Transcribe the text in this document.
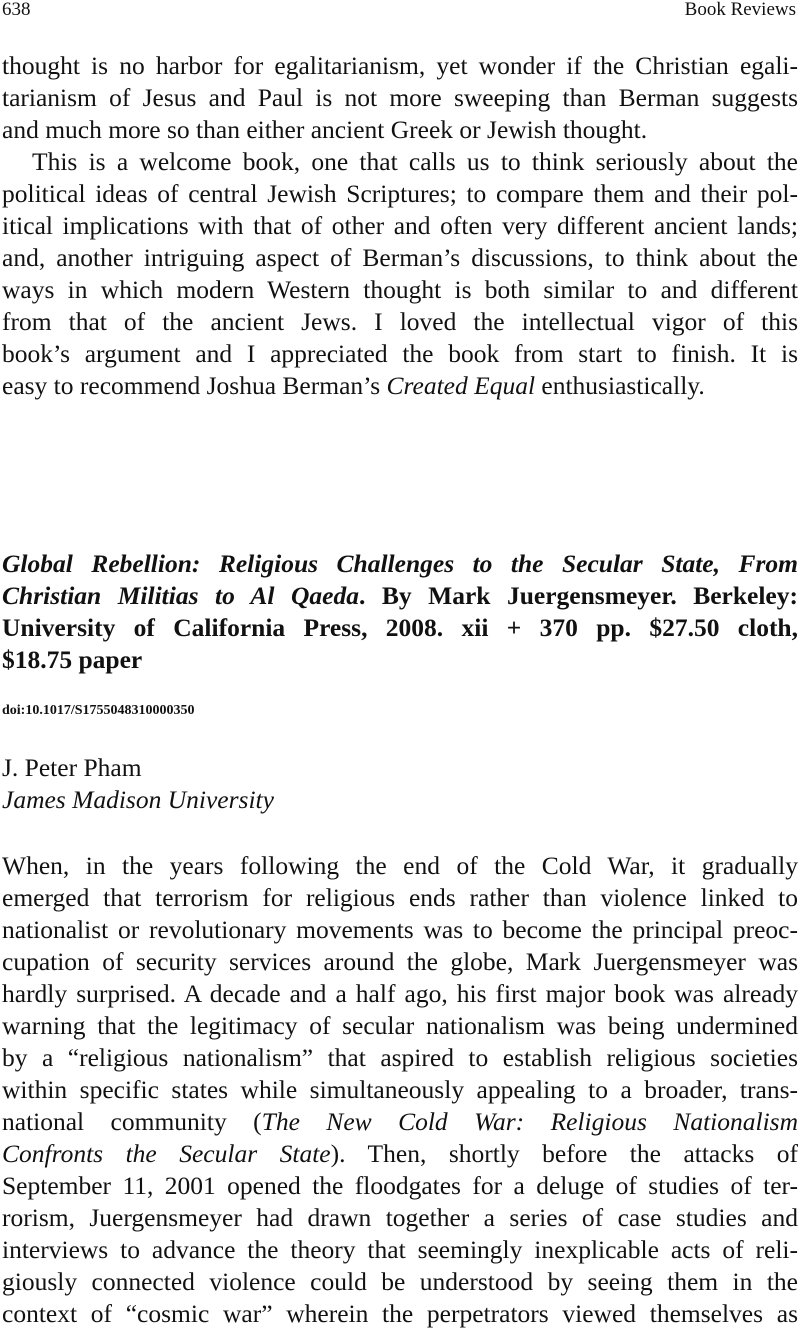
638	Book Reviews
thought is no harbor for egalitarianism, yet wonder if the Christian egali-
tarianism of Jesus and Paul is not more sweeping than Berman suggests
and much more so than either ancient Greek or Jewish thought.
This is a welcome book, one that calls us to think seriously about the
political ideas of central Jewish Scriptures; to compare them and their pol-
itical implications with that of other and often very different ancient lands;
and, another intriguing aspect of Berman’s discussions, to think about the
ways in which modern Western thought is both similar to and different
from that of the ancient Jews. I loved the intellectual vigor of this
book’s argument and I appreciated the book from start to finish. It is
easy to recommend Joshua Berman’s Created Equal enthusiastically.
Global Rebellion: Religious Challenges to the Secular State, From
Christian Militias to Al Qaeda. By Mark Juergensmeyer. Berkeley:
University of California Press, 2008. xii + 370 pp. $27.50 cloth,
$18.75 paper
doi:10.1017/S1755048310000350
J. Peter Pham
James Madison University
When, in the years following the end of the Cold War, it gradually
emerged that terrorism for religious ends rather than violence linked to
nationalist or revolutionary movements was to become the principal preoc-
cupation of security services around the globe, Mark Juergensmeyer was
hardly surprised. A decade and a half ago, his first major book was already
warning that the legitimacy of secular nationalism was being undermined
by a “religious nationalism” that aspired to establish religious societies
within specific states while simultaneously appealing to a broader, trans-
national community (The New Cold War: Religious Nationalism
Confronts the Secular State). Then, shortly before the attacks of
September 11, 2001 opened the floodgates for a deluge of studies of ter-
rorism, Juergensmeyer had drawn together a series of case studies and
interviews to advance the theory that seemingly inexplicable acts of reli-
giously connected violence could be understood by seeing them in the
context of “cosmic war” wherein the perpetrators viewed themselves as
